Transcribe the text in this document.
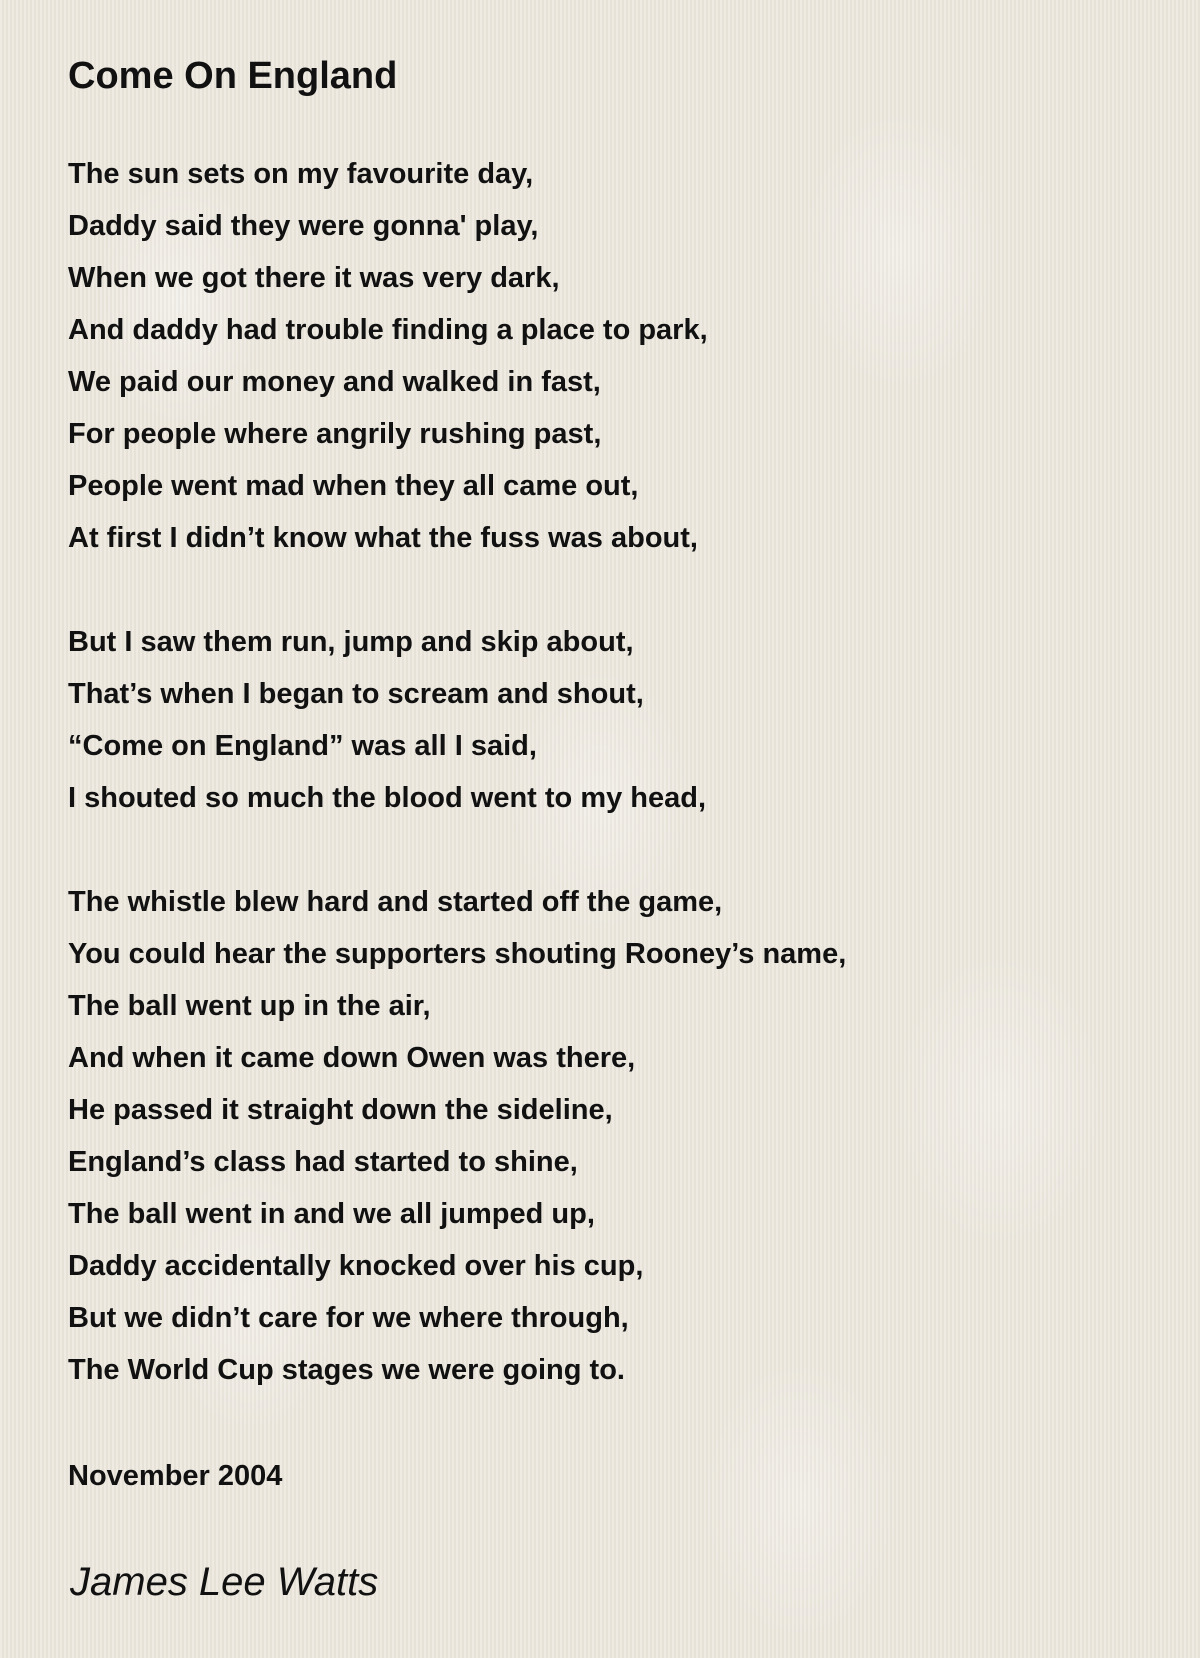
Come On England
The sun sets on my favourite day,
Daddy said they were gonna' play,
When we got there it was very dark,
And daddy had trouble finding a place to park,
We paid our money and walked in fast,
For people where angrily rushing past,
People went mad when they all came out,
At first I didn’t know what the fuss was about,
But I saw them run, jump and skip about,
That’s when I began to scream and shout,
“Come on England” was all I said,
I shouted so much the blood went to my head,
The whistle blew hard and started off the game,
You could hear the supporters shouting Rooney’s name,
The ball went up in the air,
And when it came down Owen was there,
He passed it straight down the sideline,
England’s class had started to shine,
The ball went in and we all jumped up,
Daddy accidentally knocked over his cup,
But we didn’t care for we where through,
The World Cup stages we were going to.
November 2004
James Lee Watts
